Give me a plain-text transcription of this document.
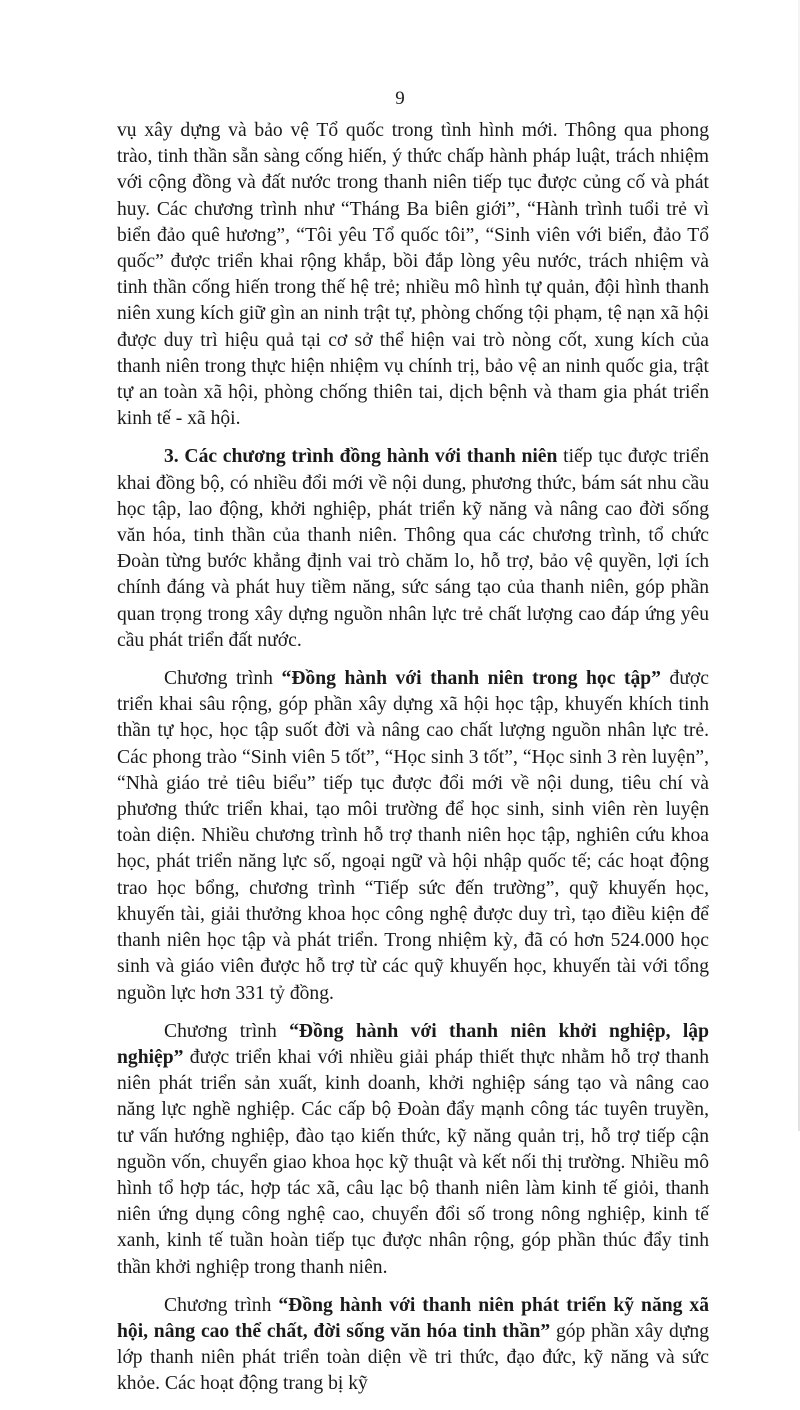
9

vụ xây dựng và bảo vệ Tổ quốc trong tình hình mới. Thông qua phong trào, tinh thần sẵn sàng cống hiến, ý thức chấp hành pháp luật, trách nhiệm với cộng đồng và đất nước trong thanh niên tiếp tục được củng cố và phát huy. Các chương trình như “Tháng Ba biên giới”, “Hành trình tuổi trẻ vì biển đảo quê hương”, “Tôi yêu Tổ quốc tôi”, “Sinh viên với biển, đảo Tổ quốc” được triển khai rộng khắp, bồi đắp lòng yêu nước, trách nhiệm và tinh thần cống hiến trong thế hệ trẻ; nhiều mô hình tự quản, đội hình thanh niên xung kích giữ gìn an ninh trật tự, phòng chống tội phạm, tệ nạn xã hội được duy trì hiệu quả tại cơ sở thể hiện vai trò nòng cốt, xung kích của thanh niên trong thực hiện nhiệm vụ chính trị, bảo vệ an ninh quốc gia, trật tự an toàn xã hội, phòng chống thiên tai, dịch bệnh và tham gia phát triển kinh tế - xã hội.

3. Các chương trình đồng hành với thanh niên tiếp tục được triển khai đồng bộ, có nhiều đổi mới về nội dung, phương thức, bám sát nhu cầu học tập, lao động, khởi nghiệp, phát triển kỹ năng và nâng cao đời sống văn hóa, tinh thần của thanh niên. Thông qua các chương trình, tổ chức Đoàn từng bước khẳng định vai trò chăm lo, hỗ trợ, bảo vệ quyền, lợi ích chính đáng và phát huy tiềm năng, sức sáng tạo của thanh niên, góp phần quan trọng trong xây dựng nguồn nhân lực trẻ chất lượng cao đáp ứng yêu cầu phát triển đất nước.

Chương trình “Đồng hành với thanh niên trong học tập” được triển khai sâu rộng, góp phần xây dựng xã hội học tập, khuyến khích tinh thần tự học, học tập suốt đời và nâng cao chất lượng nguồn nhân lực trẻ. Các phong trào “Sinh viên 5 tốt”, “Học sinh 3 tốt”, “Học sinh 3 rèn luyện”, “Nhà giáo trẻ tiêu biểu” tiếp tục được đổi mới về nội dung, tiêu chí và phương thức triển khai, tạo môi trường để học sinh, sinh viên rèn luyện toàn diện. Nhiều chương trình hỗ trợ thanh niên học tập, nghiên cứu khoa học, phát triển năng lực số, ngoại ngữ và hội nhập quốc tế; các hoạt động trao học bổng, chương trình “Tiếp sức đến trường”, quỹ khuyến học, khuyến tài, giải thưởng khoa học công nghệ được duy trì, tạo điều kiện để thanh niên học tập và phát triển. Trong nhiệm kỳ, đã có hơn 524.000 học sinh và giáo viên được hỗ trợ từ các quỹ khuyến học, khuyến tài với tổng nguồn lực hơn 331 tỷ đồng.

Chương trình “Đồng hành với thanh niên khởi nghiệp, lập nghiệp” được triển khai với nhiều giải pháp thiết thực nhằm hỗ trợ thanh niên phát triển sản xuất, kinh doanh, khởi nghiệp sáng tạo và nâng cao năng lực nghề nghiệp. Các cấp bộ Đoàn đẩy mạnh công tác tuyên truyền, tư vấn hướng nghiệp, đào tạo kiến thức, kỹ năng quản trị, hỗ trợ tiếp cận nguồn vốn, chuyển giao khoa học kỹ thuật và kết nối thị trường. Nhiều mô hình tổ hợp tác, hợp tác xã, câu lạc bộ thanh niên làm kinh tế giỏi, thanh niên ứng dụng công nghệ cao, chuyển đổi số trong nông nghiệp, kinh tế xanh, kinh tế tuần hoàn tiếp tục được nhân rộng, góp phần thúc đẩy tinh thần khởi nghiệp trong thanh niên.

Chương trình “Đồng hành với thanh niên phát triển kỹ năng xã hội, nâng cao thể chất, đời sống văn hóa tinh thần” góp phần xây dựng lớp thanh niên phát triển toàn diện về tri thức, đạo đức, kỹ năng và sức khỏe. Các hoạt động trang bị kỹ
